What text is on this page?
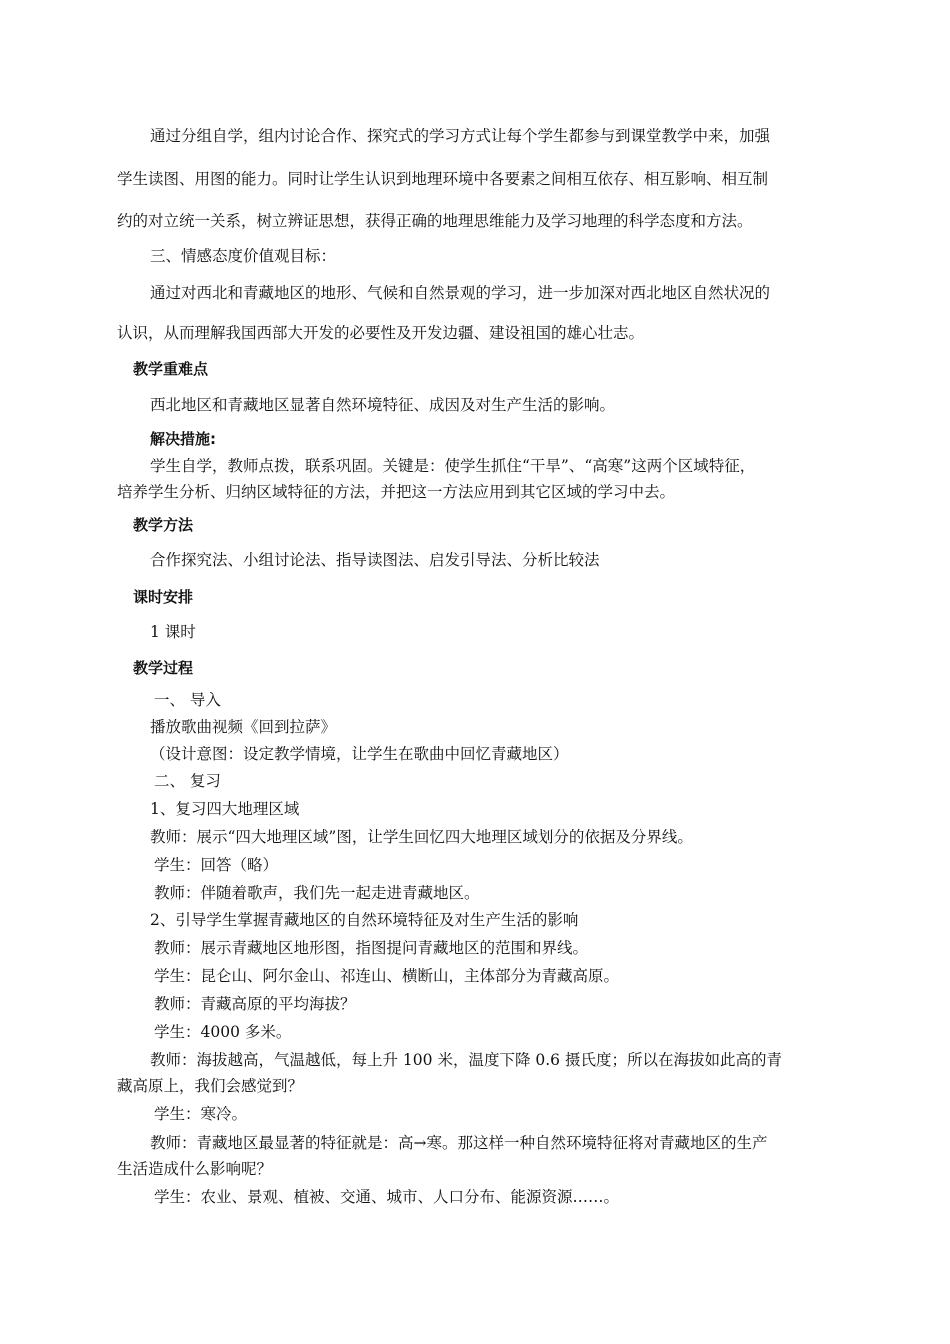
通过分组自学，组内讨论合作、探究式的学习方式让每个学生都参与到课堂教学中来，加强
学生读图、用图的能力。同时让学生认识到地理环境中各要素之间相互依存、相互影响、相互制
约的对立统一关系，树立辨证思想，获得正确的地理思维能力及学习地理的科学态度和方法。
三、情感态度价值观目标：
通过对西北和青藏地区的地形、气候和自然景观的学习，进一步加深对西北地区自然状况的
认识，从而理解我国西部大开发的必要性及开发边疆、建设祖国的雄心壮志。
教学重难点
西北地区和青藏地区显著自然环境特征、成因及对生产生活的影响。
解决措施:
学生自学，教师点拨，联系巩固。关键是：使学生抓住“干旱”、“高寒”这两个区域特征，
培养学生分析、归纳区域特征的方法，并把这一方法应用到其它区域的学习中去。
教学方法
合作探究法、小组讨论法、指导读图法、启发引导法、分析比较法
课时安排
1 课时
教学过程
一、 导入
播放歌曲视频《回到拉萨》
（设计意图：设定教学情境，让学生在歌曲中回忆青藏地区）
二、 复习
1、复习四大地理区域
教师：展示“四大地理区域”图，让学生回忆四大地理区域划分的依据及分界线。
学生：回答（略）
教师：伴随着歌声，我们先一起走进青藏地区。
2、引导学生掌握青藏地区的自然环境特征及对生产生活的影响
教师：展示青藏地区地形图，指图提问青藏地区的范围和界线。
学生：昆仑山、阿尔金山、祁连山、横断山，主体部分为青藏高原。
教师：青藏高原的平均海拔？
学生：4000 多米。
教师：海拔越高，气温越低，每上升 100 米，温度下降 0.6 摄氏度；所以在海拔如此高的青
藏高原上，我们会感觉到？
学生：寒冷。
教师：青藏地区最显著的特征就是：高→寒。那这样一种自然环境特征将对青藏地区的生产
生活造成什么影响呢？
学生：农业、景观、植被、交通、城市、人口分布、能源资源……。
